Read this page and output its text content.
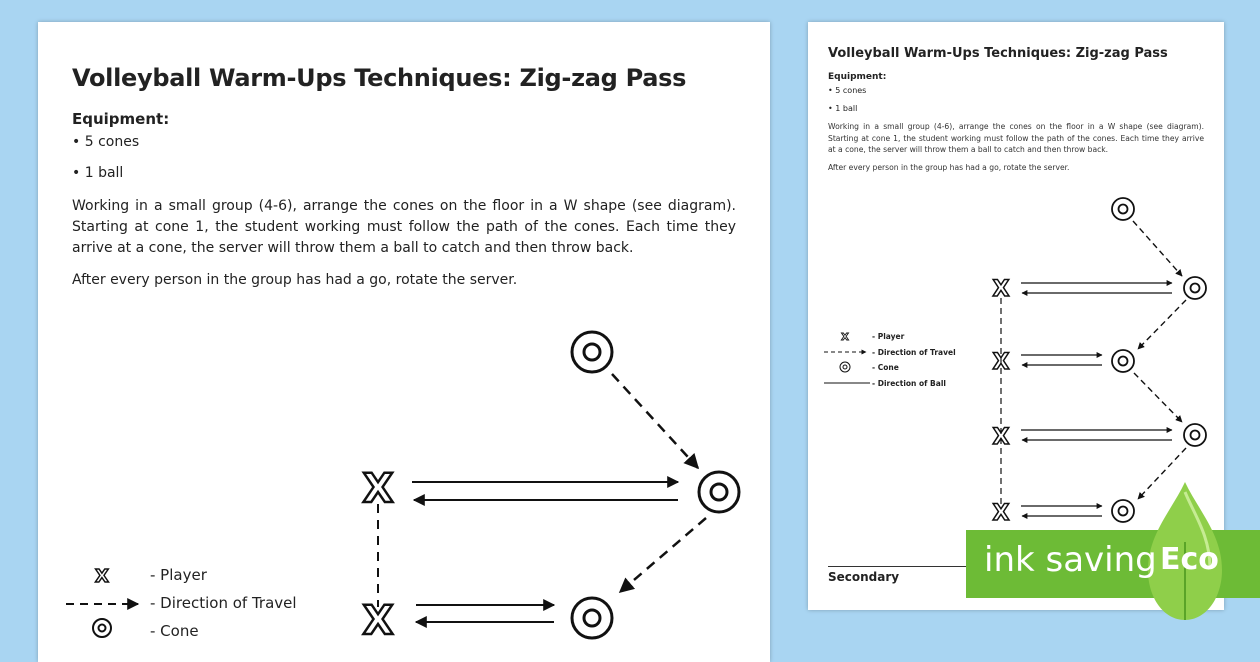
Volleyball Warm-Ups Techniques: Zig-zag Pass
Equipment:
• 5 cones
• 1 ball
Working in a small group (4-6), arrange the cones on the floor in a W shape (see diagram). Starting at cone 1, the student working must follow the path of the cones. Each time they arrive at a cone, the server will throw them a ball to catch and then throw back.
After every person in the group has had a go, rotate the server.
X
X
X	- Player
- Direction of Travel
- Cone
Volleyball Warm-Ups Techniques: Zig-zag Pass
Equipment:
• 5 cones
• 1 ball
Working in a small group (4-6), arrange the cones on the floor in a W shape (see diagram). Starting at cone 1, the student working must follow the path of the cones. Each time they arrive at a cone, the server will throw them a ball to catch and then throw back.
After every person in the group has had a go, rotate the server.
X
X
X
X
X	- Player
- Direction of Travel
- Cone
- Direction of Ball
Secondary ink saving Eco
